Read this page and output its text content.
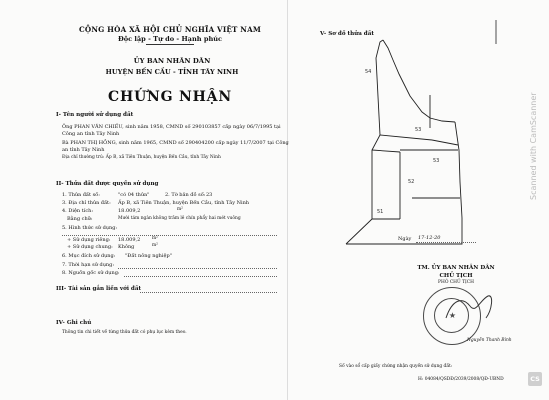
CỘNG HÒA XÃ HỘI CHỦ NGHĨA VIỆT NAM
Độc lập - Tự do - Hạnh phúc
ỦY BAN NHÂN DÂN
HUYỆN BẾN CẦU - TỈNH TÂY NINH
CHỨNG NHẬN
I- Tên người sử dụng đất
Ông PHAN VĂN CHIẾU, sinh năm 1958, CMND số 290103857 cấp ngày 06/7/1995 tại
Công an tỉnh Tây Ninh
Bà PHAN THỊ HỒNG, sinh năm 1965, CMND số 290404200 cấp ngày 11/7/2007 tại Công
an tỉnh Tây Ninh
Địa chỉ thường trú: Ấp B, xã Tiên Thuận, huyện Bến Cầu, tỉnh Tây Ninh
II- Thửa đất được quyền sử dụng
1. Thửa đất số:	"có 04 thửa"	2. Tờ bản đồ số: 23
3. Địa chỉ thửa đất: Ấp B, xã Tiên Thuận, huyện Bến Cầu, tỉnh Tây Ninh
4. Diện tích:	18.009,2	m²
Bằng chữ:	Mười tám ngàn không trăm lẻ chín phẩy hai mét vuông
5. Hình thức sử dụng:
+ Sử dụng riêng: 18.009,2	m²
+ Sử dụng chung: Không	m²
6. Mục đích sử dụng: "Đất nông nghiệp"
7. Thời hạn sử dụng:
8. Nguồn gốc sử dụng:
III- Tài sản gắn liền với đất
IV- Ghi chú
Thông tin chi tiết về từng thửa đất có phụ lục kèm theo.
V- Sơ đồ thửa đất
54
53
52
53
51
Ngày 17-12-20
TM. ỦY BAN NHÂN DÂN
CHỦ TỊCH
PHÓ CHỦ TỊCH
★
Nguyễn Thanh Bình
Số vào sổ cấp giấy chứng nhận quyền sử dụng đất:
H: 04084/QSDĐ/2039/2008/QĐ-UBND
Scanned with CamScanner
CS
